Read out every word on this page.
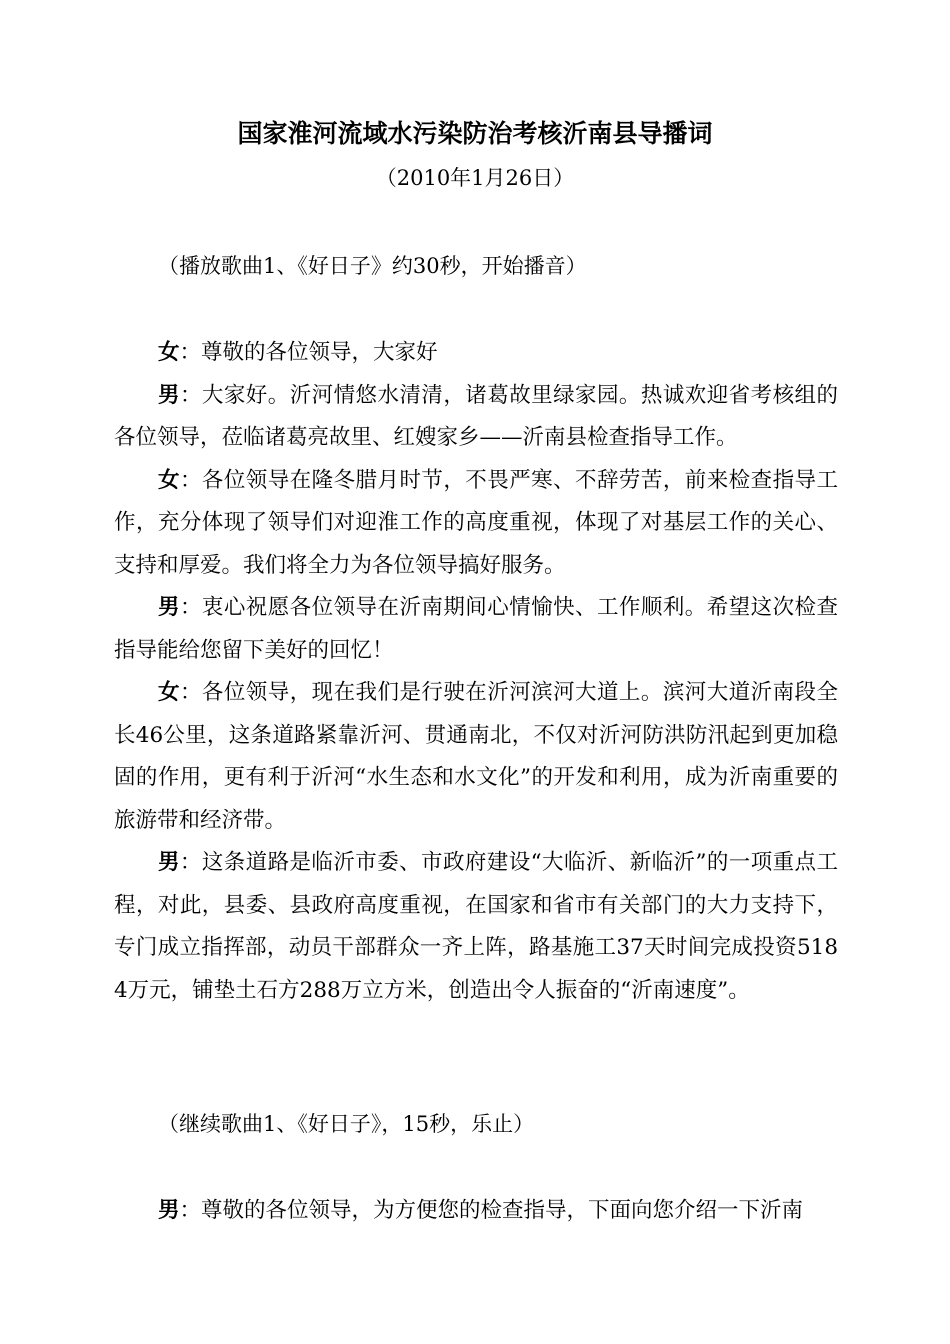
国家淮河流域水污染防治考核沂南县导播词
（2010年1月26日）
（播放歌曲1、《好日子》约30秒，开始播音）

女：尊敬的各位领导，大家好

男：大家好。沂河情悠水清清，诸葛故里绿家园。热诚欢迎省考核组的各位领导，莅临诸葛亮故里、红嫂家乡——沂南县检查指导工作。

女：各位领导在隆冬腊月时节，不畏严寒、不辞劳苦，前来检查指导工作，充分体现了领导们对迎淮工作的高度重视，体现了对基层工作的关心、支持和厚爱。我们将全力为各位领导搞好服务。

男：衷心祝愿各位领导在沂南期间心情愉快、工作顺利。希望这次检查指导能给您留下美好的回忆！

女：各位领导，现在我们是行驶在沂河滨河大道上。滨河大道沂南段全长46公里，这条道路紧靠沂河、贯通南北，不仅对沂河防洪防汛起到更加稳固的作用，更有利于沂河“水生态和水文化”的开发和利用，成为沂南重要的旅游带和经济带。

男：这条道路是临沂市委、市政府建设“大临沂、新临沂”的一项重点工程，对此，县委、县政府高度重视，在国家和省市有关部门的大力支持下，专门成立指挥部，动员干部群众一齐上阵，路基施工37天时间完成投资5184万元，铺垫土石方288万立方米，创造出令人振奋的“沂南速度”。

（继续歌曲1、《好日子》，15秒，乐止）

男：尊敬的各位领导，为方便您的检查指导，下面向您介绍一下沂南
